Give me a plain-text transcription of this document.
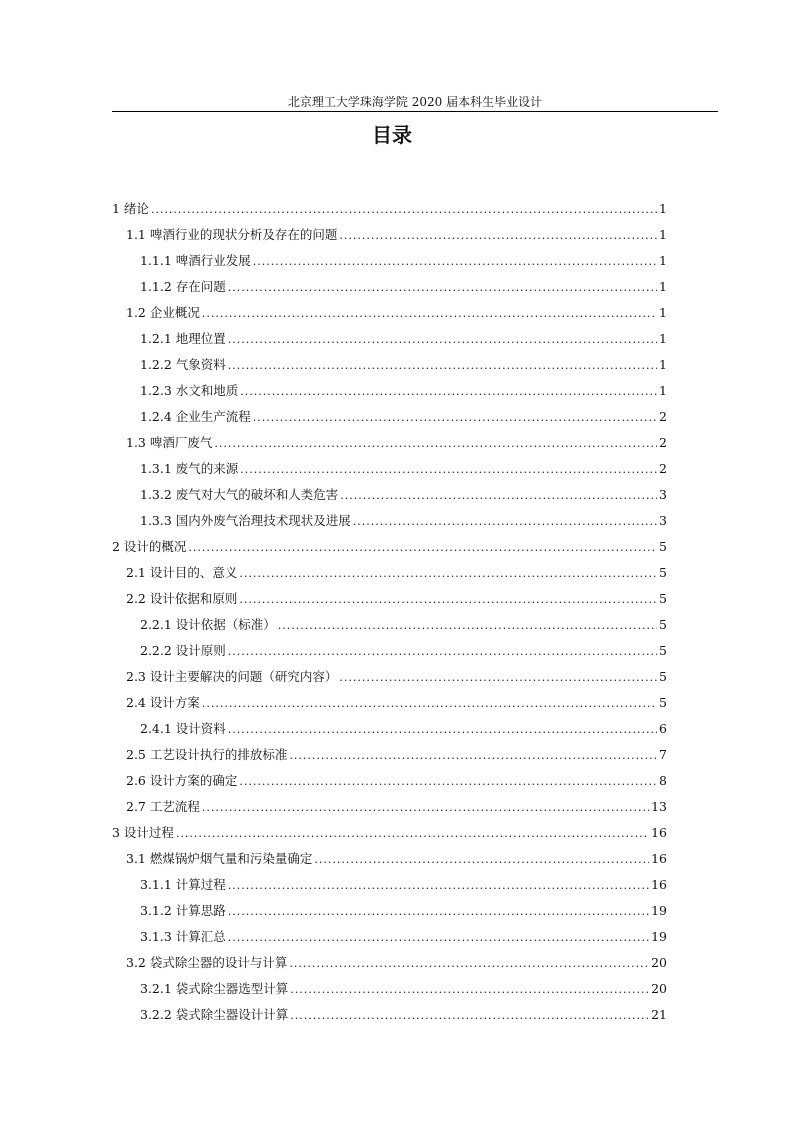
北京理工大学珠海学院 2020 届本科生毕业设计
目录
1 绪论 .....	1
1.1 啤酒行业的现状分析及存在的问题 .....	1
1.1.1 啤酒行业发展 .....	1
1.1.2 存在问题 .....	1
1.2 企业概况 .....	1
1.2.1 地理位置 .....	1
1.2.2 气象资料 .....	1
1.2.3 水文和地质 .....	1
1.2.4 企业生产流程 .....	2
1.3 啤酒厂废气 .....	2
1.3.1 废气的来源 .....	2
1.3.2 废气对大气的破坏和人类危害 .....	3
1.3.3 国内外废气治理技术现状及进展 .....	3
2 设计的概况 .....	5
2.1 设计目的、意义 .....	5
2.2 设计依据和原则 .....	5
2.2.1 设计依据（标准） .....	5
2.2.2 设计原则 .....	5
2.3 设计主要解决的问题（研究内容） .....	5
2.4 设计方案 .....	5
2.4.1 设计资料 .....	6
2.5 工艺设计执行的排放标准 .....	7
2.6 设计方案的确定 .....	8
2.7 工艺流程 .....	13
3 设计过程 .....	16
3.1 燃煤锅炉烟气量和污染量确定 .....	16
3.1.1 计算过程 .....	16
3.1.2 计算思路 .....	19
3.1.3 计算汇总 .....	19
3.2 袋式除尘器的设计与计算 .....	20
3.2.1 袋式除尘器选型计算 .....	20
3.2.2 袋式除尘器设计计算 .....	21
